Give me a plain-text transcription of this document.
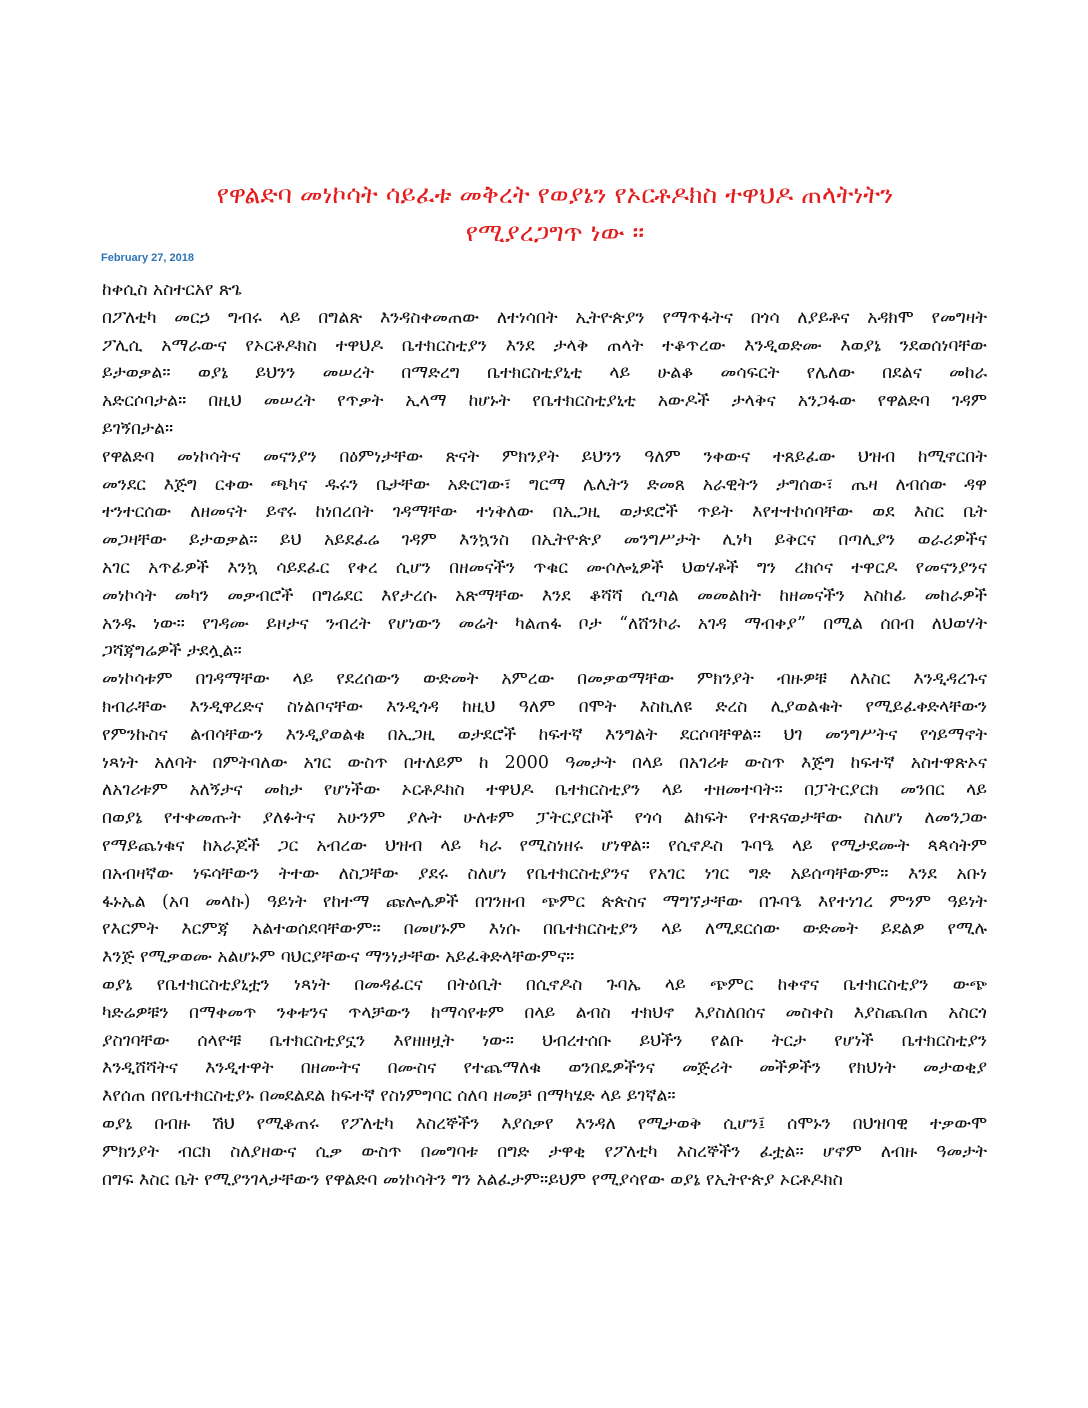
የዋልድባ መነኮሳት ሳይፈቱ መቅረት የወያኔን የኦርቶዶክስ ተዋህዶ ጠላትነትን
የሚያረጋግጥ ነው ።
February 27, 2018
ከቀሲስ አስተርአየ ጽጌ
በፖለቲካ መርኃ ግብሩ ላይ በግልጽ እንዳስቀመጠው ለተነሳበት ኢትዮጵያን የማጥፋትና በጎሳ ለያይቶና አዳክሞ የመግዛት
ፖሊሲ አማራውና የኦርቶዶክስ ተዋህዶ ቤተክርስቲያን እንደ ታላቅ ጠላት ተቆጥረው እንዲወድሙ እወያኔ ንደወሰነባቸው
ይታወቃል። ወያኔ ይህንን መሠረት በማድረግ ቤተክርስቲያኒቲ ላይ ሁልቆ መሳፍርት የሌለው በደልና መከራ
አድርሶባታል። በዚህ መሠረት የጥቃት ኢላማ ከሆኑት የቤተክርስቲያኒቲ አውዶች ታላቅና አንጋፋው የዋልድባ ገዳም
ይገኝበታል።
የዋልድባ መነኮሳትና መናንያን በዕምነታቸው ጽናት ምክንያት ይህንን ዓለም ንቀውና ተጸይፈው ህዝብ ከሚኖርበት
መንደር እጅግ ርቀው ጫካና ዱሩን ቤታቸው አድርገው፣ ግርማ ሌሊትን ድመጸ አራዊትን ታግሰው፣ ጤዛ ለብሰው ዳዋ
ተንተርሰው ለዘመናት ይኖሩ ከነበረበት ገዳማቸው ተነቅለው በኢጋዚ ወታደሮች ጥይት እየተተኮሰባቸው ወደ እስር ቤት
መጋዛቸው ይታወቃል። ይህ አይደፈሬ ገዳም እንኳንስ በኢትዮጵያ መንግሥታት ሊነካ ይቅርና በጣሊያን ወራሪዎችና
አገር አጥፊዎች እንኳ ሳይደፈር የቀረ ሲሆን በዘመናችን ጥቁር ሙሶሎኒዎች ህወሃቶች ግን ረክሶና ተዋርዶ የመናንያንና
መነኮሳት መካን መቃብሮች በግሬደር እየታረሱ አጽማቸው እንደ ቆሻሻ ሲጣል መመልከት ከዘመናችን አስከፊ መከራዎች
አንዱ ነው። የገዳሙ ይዞታና ንብረት የሆነውን መሬት ካልጠፋ ቦታ “ለሸንኮራ አገዳ ማብቀያ” በሚል ሰበብ ለህወሃት
ጋሻጃግሬዎች ታደሏል።
መነኮሳቱም በገዳማቸው ላይ የደረሰውን ውድመት አምረው በመቃወማቸው ምክንያት ብዙዎቹ ለእስር እንዲዳረጉና
ክብራቸው እንዲዋረድና ስነልቦናቸው እንዲጎዳ ከዚህ ዓለም በሞት እስኪለዩ ድረስ ሊያወልቁት የሚይፈቀድላቸውን
የምንኩስና ልብሳቸውን እንዲያወልቁ በኢጋዚ ወታደሮች ከፍተኛ እንግልት ደርሶባቸዋል። ህገ መንግሥትና የጎይማኖት
ነጻነት አለባት በምትባለው አገር ውስጥ በተለይም ከ 2000 ዓመታት በላይ በአገሪቱ ውስጥ እጅግ ከፍተኛ አስተዋጽኦና
ለአገሪቱም አለኝታና መከታ የሆነችው ኦርቶዶክስ ተዋህዶ ቤተክርስቲያን ላይ ተዘመተባት። በፓትርያርክ መንበር ላይ
በወያኔ የተቀመጡት ያለፉትና አሁንም ያሉት ሁለቱም ፓትርያርኮች የጎሳ ልክፍት የተጸናወታቸው ስለሆነ ለመንጋው
የማይጨነቁና ከአራጆች ጋር አብረው ህዝብ ላይ ካራ የሚስነዘሩ ሆነዋል። የሲኖዶስ ጉባዔ ላይ የሚታደሙት ጳጳሳትም
በአብዛኛው ነፍሳቸውን ትተው ለስጋቸው ያደሩ ስለሆነ የቤተክርስቲያንና የአገር ነገር ግድ አይሰጣቸውም። እንደ አቡነ
ፋኑኤል (አባ መላኩ) ዓይነት የከተማ ጩሎሌዎች በገንዘብ ጭምር ጵጵስና ማግኘታቸው በጉባዔ እየተነገረ ምንም ዓይነት
የእርምት እርምጃ አልተወሰደባቸውም። በመሆኑም እነሱ በቤተክርስቲያን ላይ ለሚደርሰው ውድመት ይደልዎ የሚሉ
እንጅ የሚቃወሙ አልሆኑም ባህርያቸውና ማንነታቸው አይፈቅድላቸውምና።
ወያኔ የቤተክርስቲያኒቷን ነጻነት በመዳፈርና በትዕቢት በሲኖዶስ ጉባኤ ላይ ጭምር ከቀኖና ቤተክርስቲያን ውጭ
ካድሬዎቹን በማቀመጥ ንቀቱንና ጥላቻውን ከማሳየቱም በላይ ልብስ ተክህኖ እያስለበሰና መስቀስ እያስጨበጠ አስርጎ
ያስገባቸው ሰላዮቹ ቤተክርስቲያኗን እየዘዘዟት ነው። ህብረተሰቡ ይህችን የልቡ ትርታ የሆነች ቤተክርስቲያን
እንዲሸሻትና እንዲተዋት በዘሙትና በሙስና የተጨማለቁ ወንበዴዎችንና መጅሪት መችዎችን የክህነት መታወቂያ
እየሰጠ በየቤተክርስቲያኑ በመደልደል ከፍተኛ የስነምግባር ሰለባ ዘመቻ በማካሄድ ላይ ይገኛል።
ወያኔ በብዙ ሽህ የሚቆጠሩ የፖለቲካ እስረኞችን እያሰቃየ እንዳለ የሚታወቅ ሲሆን፤ ሰሞኑን በህዝባዊ ተቃውሞ
ምክንያት ብርክ ስለያዘውና ሲቃ ውስጥ በመግባቱ በግድ ታዋቂ የፖለቲካ እስረኞችን ፈቷል። ሆኖም ለብዙ ዓመታት
በግፍ እስር ቤት የሚያንገላታቸውን የዋልድባ መነኮሳትን ግን አልፈታም።ይህም የሚያሳየው ወያኔ የኢትዮጵያ ኦርቶዶክስ
